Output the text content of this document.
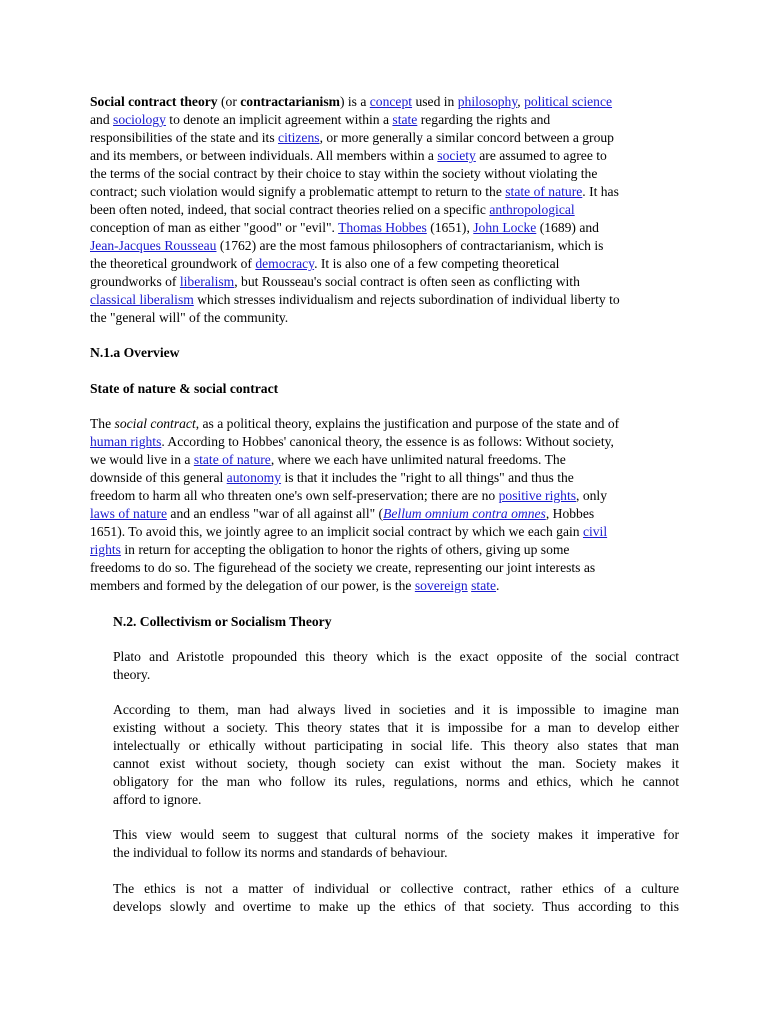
Social contract theory (or contractarianism) is a concept used in philosophy, political science
and sociology to denote an implicit agreement within a state regarding the rights and
responsibilities of the state and its citizens, or more generally a similar concord between a group
and its members, or between individuals. All members within a society are assumed to agree to
the terms of the social contract by their choice to stay within the society without violating the
contract; such violation would signify a problematic attempt to return to the state of nature. It has
been often noted, indeed, that social contract theories relied on a specific anthropological
conception of man as either "good" or "evil". Thomas Hobbes (1651), John Locke (1689) and
Jean-Jacques Rousseau (1762) are the most famous philosophers of contractarianism, which is
the theoretical groundwork of democracy. It is also one of a few competing theoretical
groundworks of liberalism, but Rousseau's social contract is often seen as conflicting with
classical liberalism which stresses individualism and rejects subordination of individual liberty to
the "general will" of the community.
N.1.a Overview
State of nature & social contract
The social contract, as a political theory, explains the justification and purpose of the state and of
human rights. According to Hobbes' canonical theory, the essence is as follows: Without society,
we would live in a state of nature, where we each have unlimited natural freedoms. The
downside of this general autonomy is that it includes the "right to all things" and thus the
freedom to harm all who threaten one's own self-preservation; there are no positive rights, only
laws of nature and an endless "war of all against all" (Bellum omnium contra omnes, Hobbes
1651). To avoid this, we jointly agree to an implicit social contract by which we each gain civil
rights in return for accepting the obligation to honor the rights of others, giving up some
freedoms to do so. The figurehead of the society we create, representing our joint interests as
members and formed by the delegation of our power, is the sovereign state.
N.2. Collectivism or Socialism Theory
Plato and Aristotle propounded this theory which is the exact opposite of the social contract
theory.
According to them, man had always lived in societies and it is impossible to imagine man
existing without a society. This theory states that it is impossibe for a man to develop either
intelectually or ethically without participating in social life. This theory also states that man
cannot exist without society, though society can exist without the man. Society makes it
obligatory for the man who follow its rules, regulations, norms and ethics, which he cannot
afford to ignore.
This view would seem to suggest that cultural norms of the society makes it imperative for
the individual to follow its norms and standards of behaviour.
The ethics is not a matter of individual or collective contract, rather ethics of a culture
develops slowly and overtime to make up the ethics of that society. Thus according to this
